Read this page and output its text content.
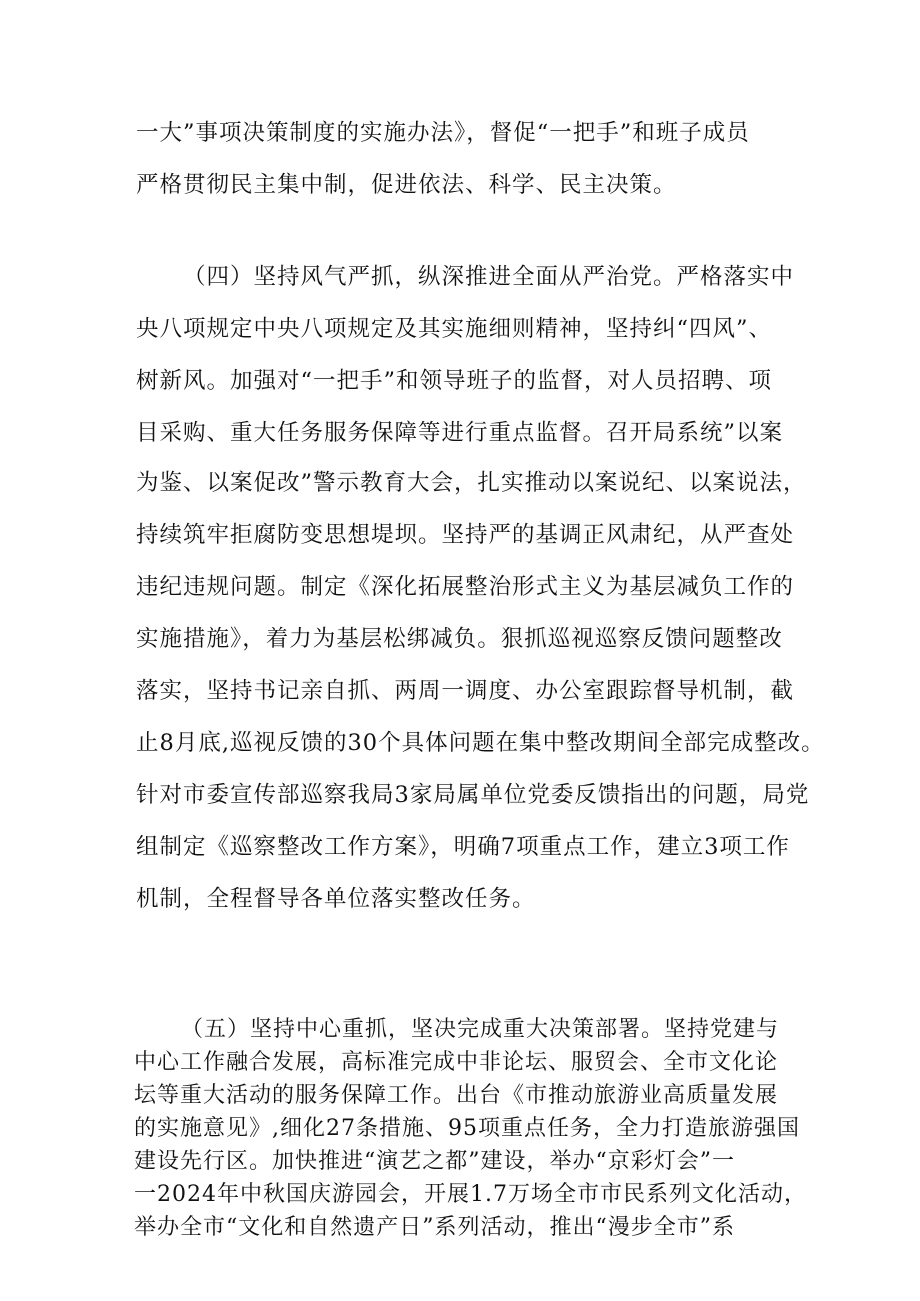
一大”事项决策制度的实施办法》，督促“一把手”和班子成员
严格贯彻民主集中制，促进依法、科学、民主决策。
（四）坚持风气严抓，纵深推进全面从严治党。严格落实中
央八项规定中央八项规定及其实施细则精神，坚持纠“四风”、
树新风。加强对“一把手”和领导班子的监督，对人员招聘、项
目采购、重大任务服务保障等进行重点监督。召开局系统”以案
为鉴、以案促改”警示教育大会，扎实推动以案说纪、以案说法，
持续筑牢拒腐防变思想堤坝。坚持严的基调正风肃纪，从严查处
违纪违规问题。制定《深化拓展整治形式主义为基层减负工作的
实施措施》，着力为基层松绑减负。狠抓巡视巡察反馈问题整改
落实，坚持书记亲自抓、两周一调度、办公室跟踪督导机制，截
止8月底,巡视反馈的30个具体问题在集中整改期间全部完成整改。
针对市委宣传部巡察我局3家局属单位党委反馈指出的问题，局党
组制定《巡察整改工作方案》，明确7项重点工作，建立3项工作
机制，全程督导各单位落实整改任务。
（五）坚持中心重抓，坚决完成重大决策部署。坚持党建与
中心工作融合发展，高标准完成中非论坛、服贸会、全市文化论
坛等重大活动的服务保障工作。出台《市推动旅游业高质量发展
的实施意见》,细化27条措施、95项重点任务，全力打造旅游强国
建设先行区。加快推进“演艺之都”建设，举办“京彩灯会”一
一2024年中秋国庆游园会，开展1.7万场全市市民系列文化活动，
举办全市“文化和自然遗产日”系列活动，推出“漫步全市”系
